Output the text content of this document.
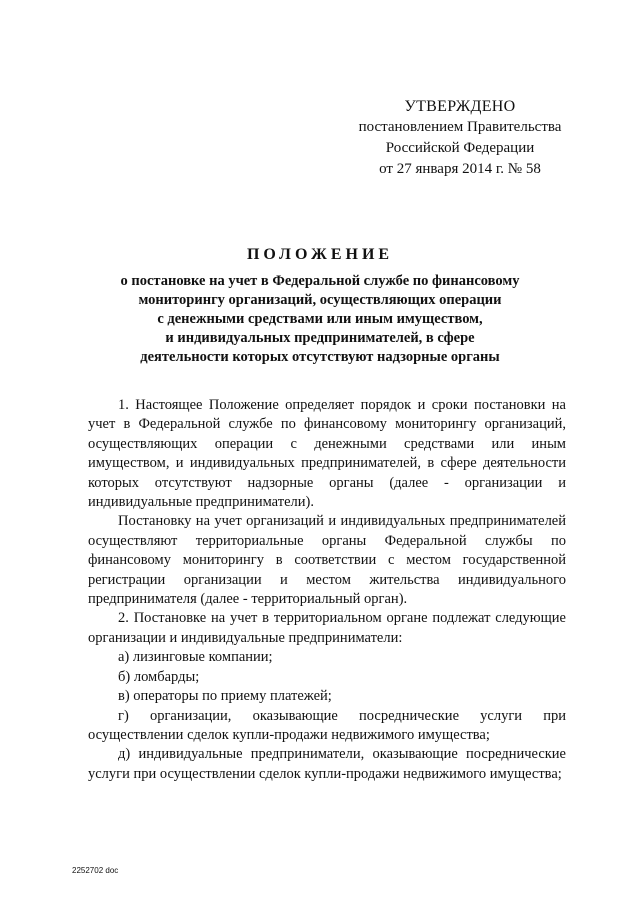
УТВЕРЖДЕНО
постановлением Правительства
Российской Федерации
от 27 января 2014 г. № 58
ПОЛОЖЕНИЕ
о постановке на учет в Федеральной службе по финансовому
мониторингу организаций, осуществляющих операции
с денежными средствами или иным имуществом,
и индивидуальных предпринимателей, в сфере
деятельности которых отсутствуют надзорные органы

1. Настоящее Положение определяет порядок и сроки постановки на учет в Федеральной службе по финансовому мониторингу организаций, осуществляющих операции с денежными средствами или иным имуществом, и индивидуальных предпринимателей, в сфере деятельности которых отсутствуют надзорные органы (далее - организации и индивидуальные предприниматели).

Постановку на учет организаций и индивидуальных предпринимателей осуществляют территориальные органы Федеральной службы по финансовому мониторингу в соответствии с местом государственной регистрации организации и местом жительства индивидуального предпринимателя (далее - территориальный орган).

2. Постановке на учет в территориальном органе подлежат следующие организации и индивидуальные предприниматели:

а) лизинговые компании;

б) ломбарды;

в) операторы по приему платежей;

г) организации, оказывающие посреднические услуги при осуществлении сделок купли-продажи недвижимого имущества;

д) индивидуальные предприниматели, оказывающие посреднические услуги при осуществлении сделок купли-продажи недвижимого имущества;

2252702 doc
